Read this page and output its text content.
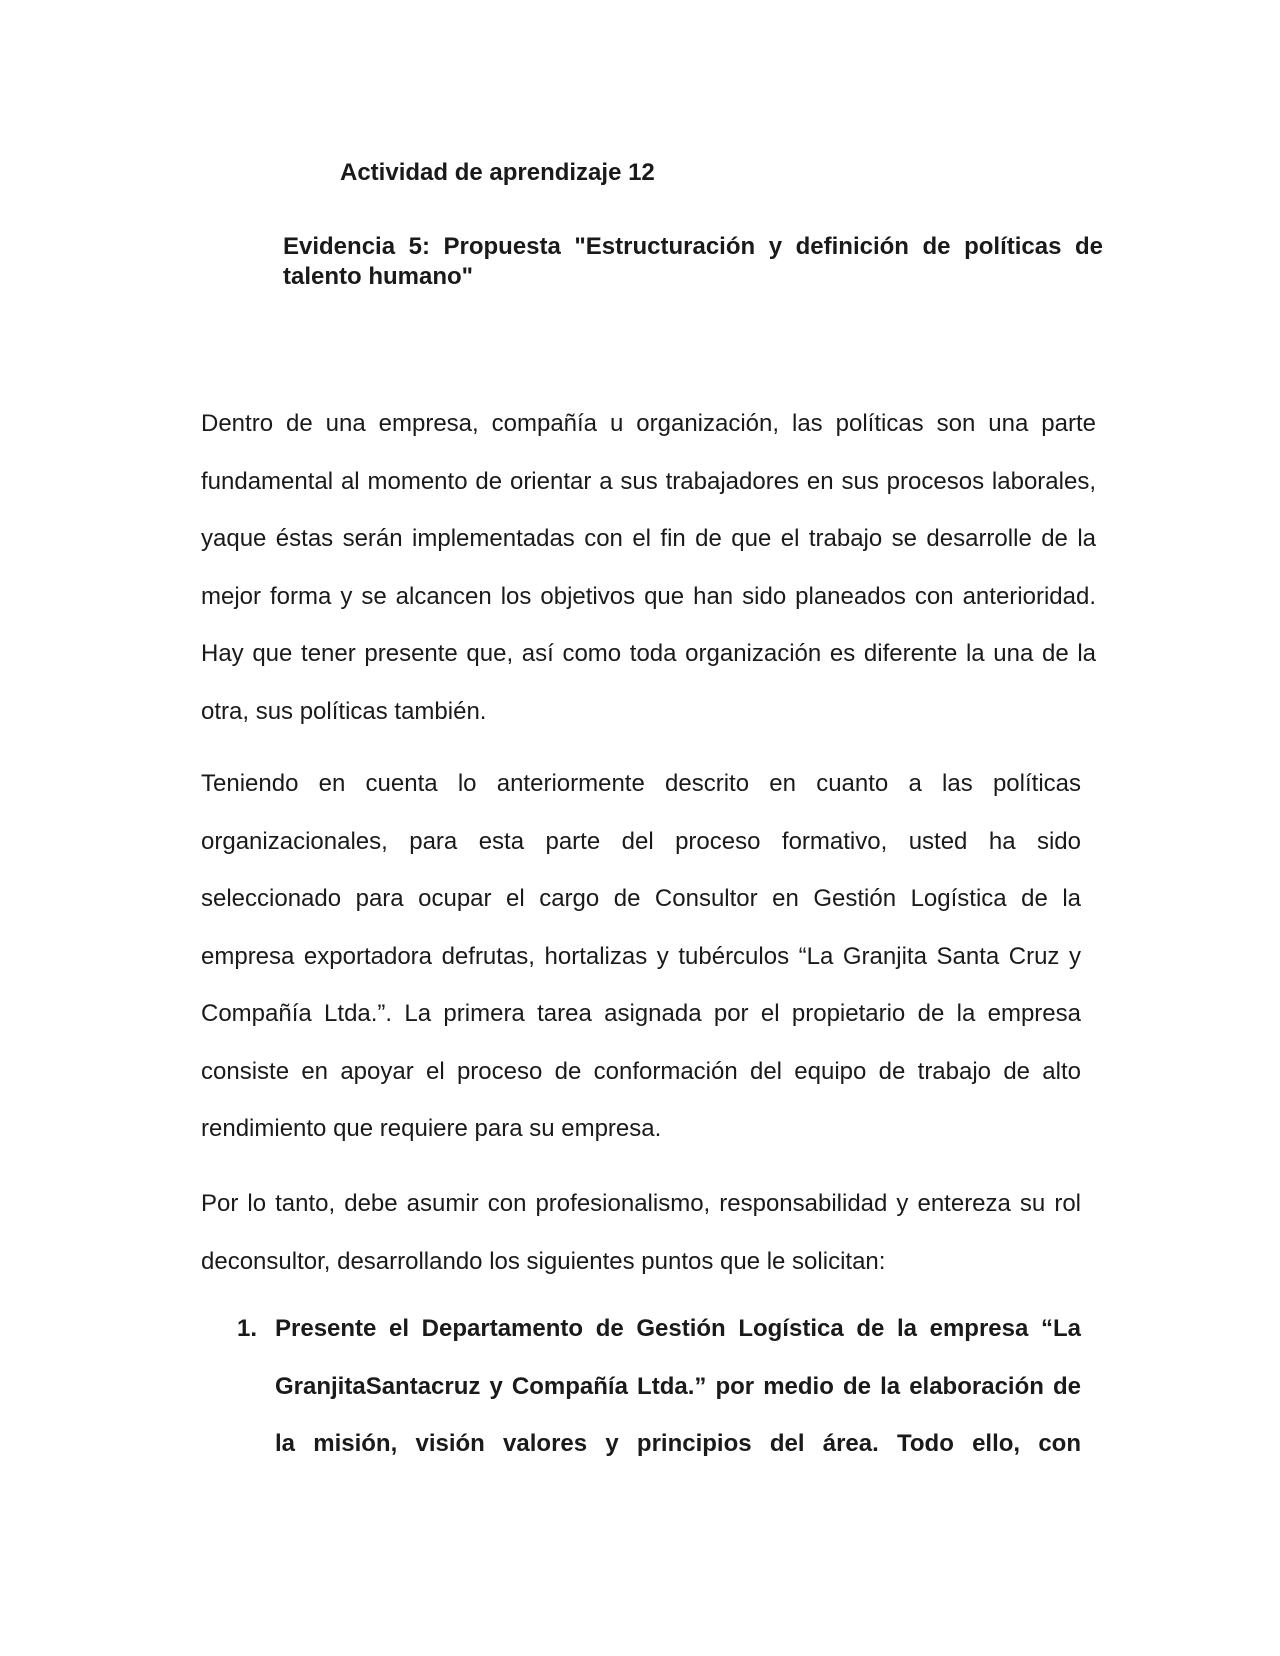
Actividad de aprendizaje 12
Evidencia 5: Propuesta "Estructuración y definición de políticas de talento humano"

Dentro de una empresa, compañía u organización, las políticas son una parte fundamental al momento de orientar a sus trabajadores en sus procesos laborales, yaque éstas serán implementadas con el fin de que el trabajo se desarrolle de la mejor forma y se alcancen los objetivos que han sido planeados con anterioridad. Hay que tener presente que, así como toda organización es diferente la una de la otra, sus políticas también.

Teniendo en cuenta lo anteriormente descrito en cuanto a las políticas organizacionales, para esta parte del proceso formativo, usted ha sido seleccionado para ocupar el cargo de Consultor en Gestión Logística de la empresa exportadora defrutas, hortalizas y tubérculos “La Granjita Santa Cruz y Compañía Ltda.”. La primera tarea asignada por el propietario de la empresa consiste en apoyar el proceso de conformación del equipo de trabajo de alto rendimiento que requiere para su empresa.

Por lo tanto, debe asumir con profesionalismo, responsabilidad y entereza su rol deconsultor, desarrollando los siguientes puntos que le solicitan:

1. Presente el Departamento de Gestión Logística de la empresa “La GranjitaSantacruz y Compañía Ltda.” por medio de la elaboración de la misión, visión valores y principios del área. Todo ello, con
